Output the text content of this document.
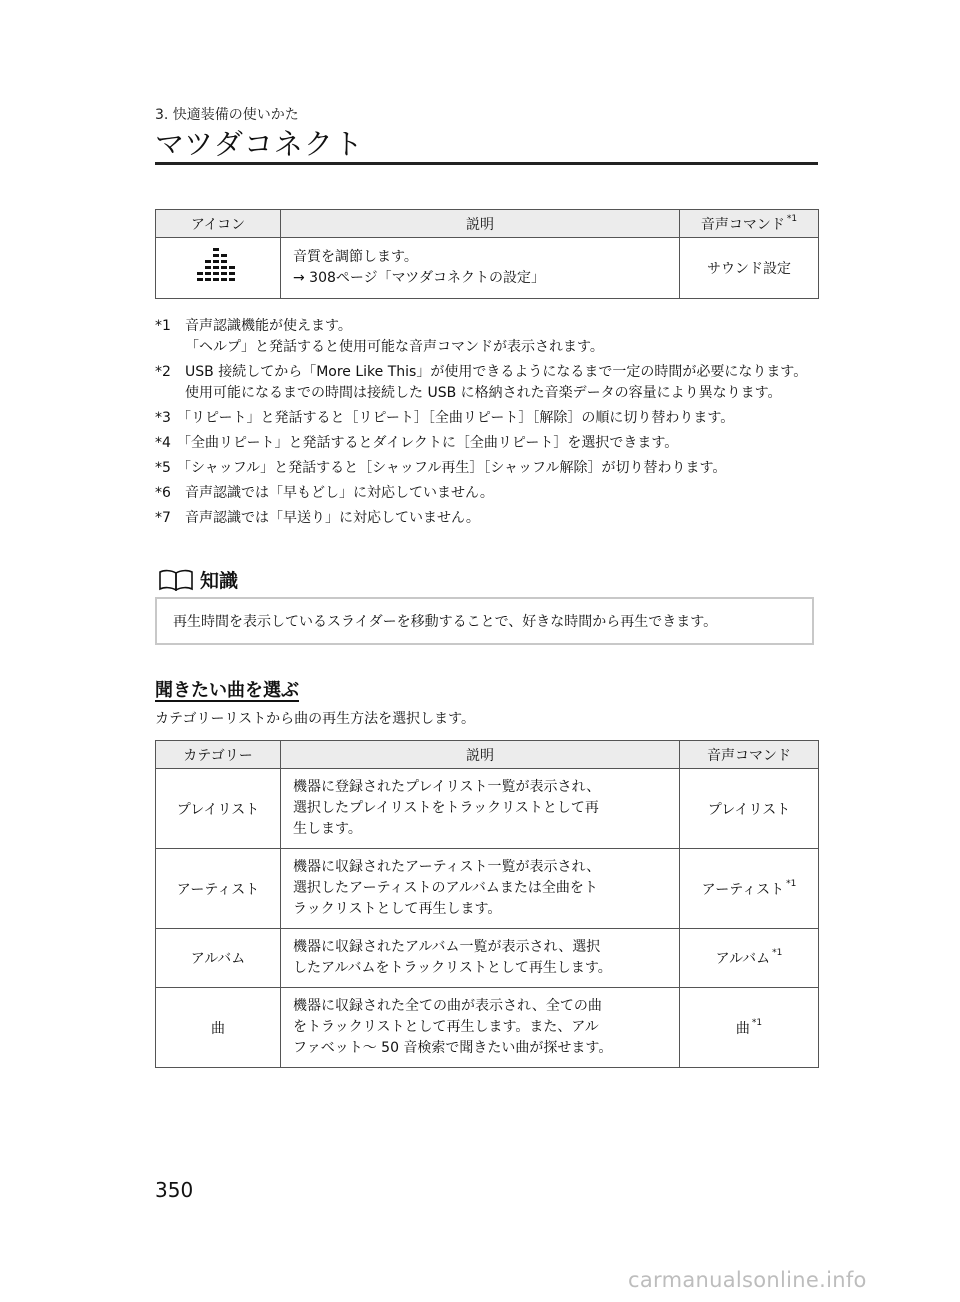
3. 快適装備の使いかた
マツダコネクト
アイコン	説明	音声コマンド $^{*1}$

音質を調節します。
→ 308ページ「マツダコネクトの設定」	サウンド設定
*1	音声認識機能が使えます。
「ヘルプ」と発話すると使用可能な音声コマンドが表示されます。
*2	USB 接続してから「More Like This」が使用できるようになるまで一定の時間が必要になります。使用可能になるまでの時間は接続した USB に格納された音楽データの容量により異なります。
*3 「リピート」と発話すると［リピート］［全曲リピート］［解除］の順に切り替わります。
*4 「全曲リピート」と発話するとダイレクトに［全曲リピート］を選択できます。
*5 「シャッフル」と発話すると［シャッフル再生］［シャッフル解除］が切り替わります。
*6	音声認識では「早もどし」に対応していません。
*7	音声認識では「早送り」に対応していません。
知識
再生時間を表示しているスライダーを移動することで、好きな時間から再生できます。
聞きたい曲を選ぶ
カテゴリーリストから曲の再生方法を選択します。
カテゴリー	説明	音声コマンド
プレイリスト	機器に登録されたプレイリスト一覧が表示され、
選択したプレイリストをトラックリストとして再
生します。	プレイリスト
アーティスト	機器に収録されたアーティスト一覧が表示され、
選択したアーティストのアルバムまたは全曲をト
ラックリストとして再生します。	アーティスト $^{*1}$
アルバム	機器に収録されたアルバム一覧が表示され、選択
したアルバムをトラックリストとして再生します。	アルバム $^{*1}$
曲	機器に収録された全ての曲が表示され、全ての曲
をトラックリストとして再生します。また、アル
ファベット〜 50 音検索で聞きたい曲が探せます。	曲 $^{*1}$
350
carmanualsonline.info
